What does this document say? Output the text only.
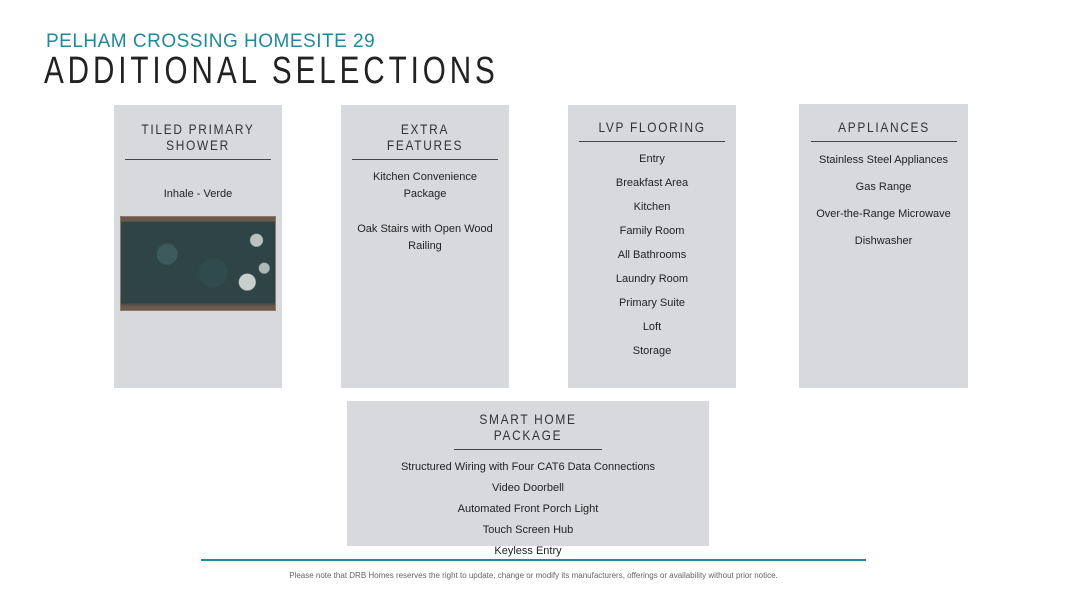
PELHAM CROSSING HOMESITE 29
ADDITIONAL SELECTIONS
TILED PRIMARY SHOWER
Inhale - Verde
EXTRA FEATURES
Kitchen Convenience Package
Oak Stairs with Open Wood Railing
LVP FLOORING
Entry
Breakfast Area
Kitchen
Family Room
All Bathrooms
Laundry Room
Primary Suite
Loft
Storage
APPLIANCES
Stainless Steel Appliances
Gas Range
Over-the-Range Microwave
Dishwasher
SMART HOME PACKAGE
Structured Wiring with Four CAT6 Data Connections
Video Doorbell
Automated Front Porch Light
Touch Screen Hub
Keyless Entry
Please note that DRB Homes reserves the right to update, change or modify its manufacturers, offerings or availability without prior notice.
